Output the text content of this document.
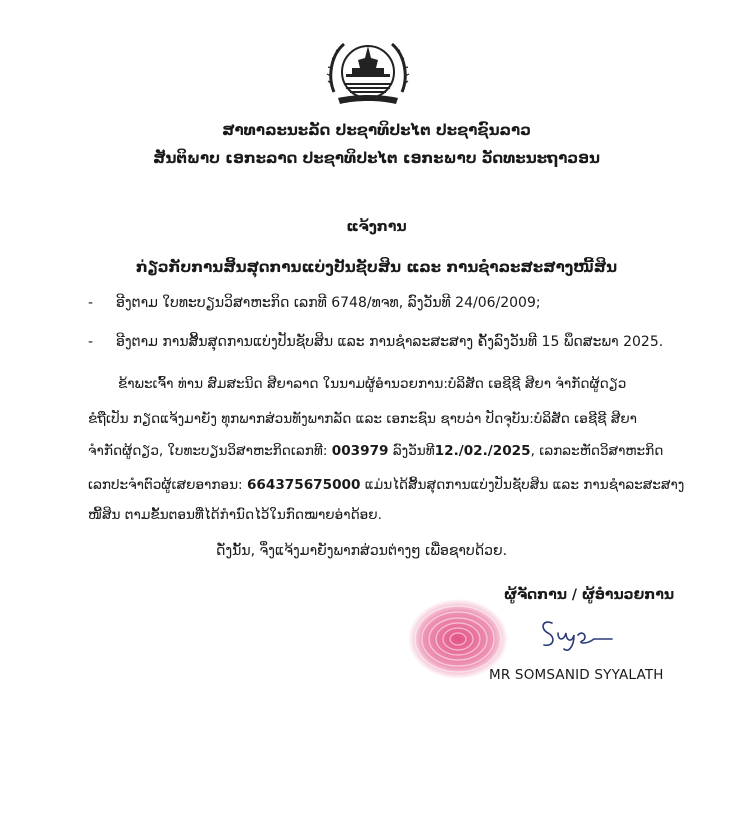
ສາທາລະນະລັດ ປະຊາທິປະໄຕ ປະຊາຊົນລາວ
ສັນຕິພາບ ເອກະລາດ ປະຊາທິປະໄຕ ເອກະພາບ ວັດທະນະຖາວອນ
ແຈ້ງການ
ກ່ຽວກັບການສິ້ນສຸດການແບ່ງປັນຊັບສິນ ແລະ ການຊຳລະສະສາງໜີ້ສິນ
- ອີງຕາມ ໃບທະບຽນວິສາຫະກິດ ເລກທີ 6748/ທຈທ, ລົງວັນທີ 24/06/2009;
- ອີງຕາມ ການສິ້ນສຸດການແບ່ງປັນຊັບສິນ ແລະ ການຊຳລະສະສາງ ຄັ້ງລົງວັນທີ 15 ພຶດສະພາ 2025.
ຂ້າພະເຈົ້າ ທ່ານ ສົມສະນິດ ສີຍາລາດ ໃນນາມຜູ້ອຳນວຍການ:ບໍລິສັດ ເອຊີຊີ ສີຍາ ຈຳກັດຜູ້ດຽວ
ຂໍຖືເປັນ ກຽດແຈ້ງມາຍັງ ທຸກພາກສ່ວນທັງພາກລັດ ແລະ ເອກະຊົນ ຊາບວ່າ ປັດຈຸບັນ:ບໍລິສັດ ເອຊີຊີ ສີຍາ
ຈຳກັດຜູ້ດຽວ, ໃບທະບຽນວິສາຫະກິດເລກທີ: 003979 ລົງວັນທີ12./02./2025, ເລກລະຫັດວິສາຫະກິດ
ເລກປະຈຳຕົວຜູ້ເສຍອາກອນ: 664375675000 ແມ່ນໄດ້ສິ້ນສຸດການແບ່ງປັນຊັບສິນ ແລະ ການຊຳລະສະສາງ
ໜີ້ສິນ ຕາມຂັ້ນຕອນທີ່ໄດ້ກຳນົດໄວ້ໃນກົດໝາຍອ່າດ້ອຍ.
ດັ່ງນັ້ນ, ຈຶ່ງແຈ້ງມາຍັງພາກສ່ວນຕ່າງໆ ເພື່ອຊາບດ້ວຍ.
ຜູ້ຈັດການ / ຜູ້ອຳນວຍການ
MR SOMSANID SYYALATH
